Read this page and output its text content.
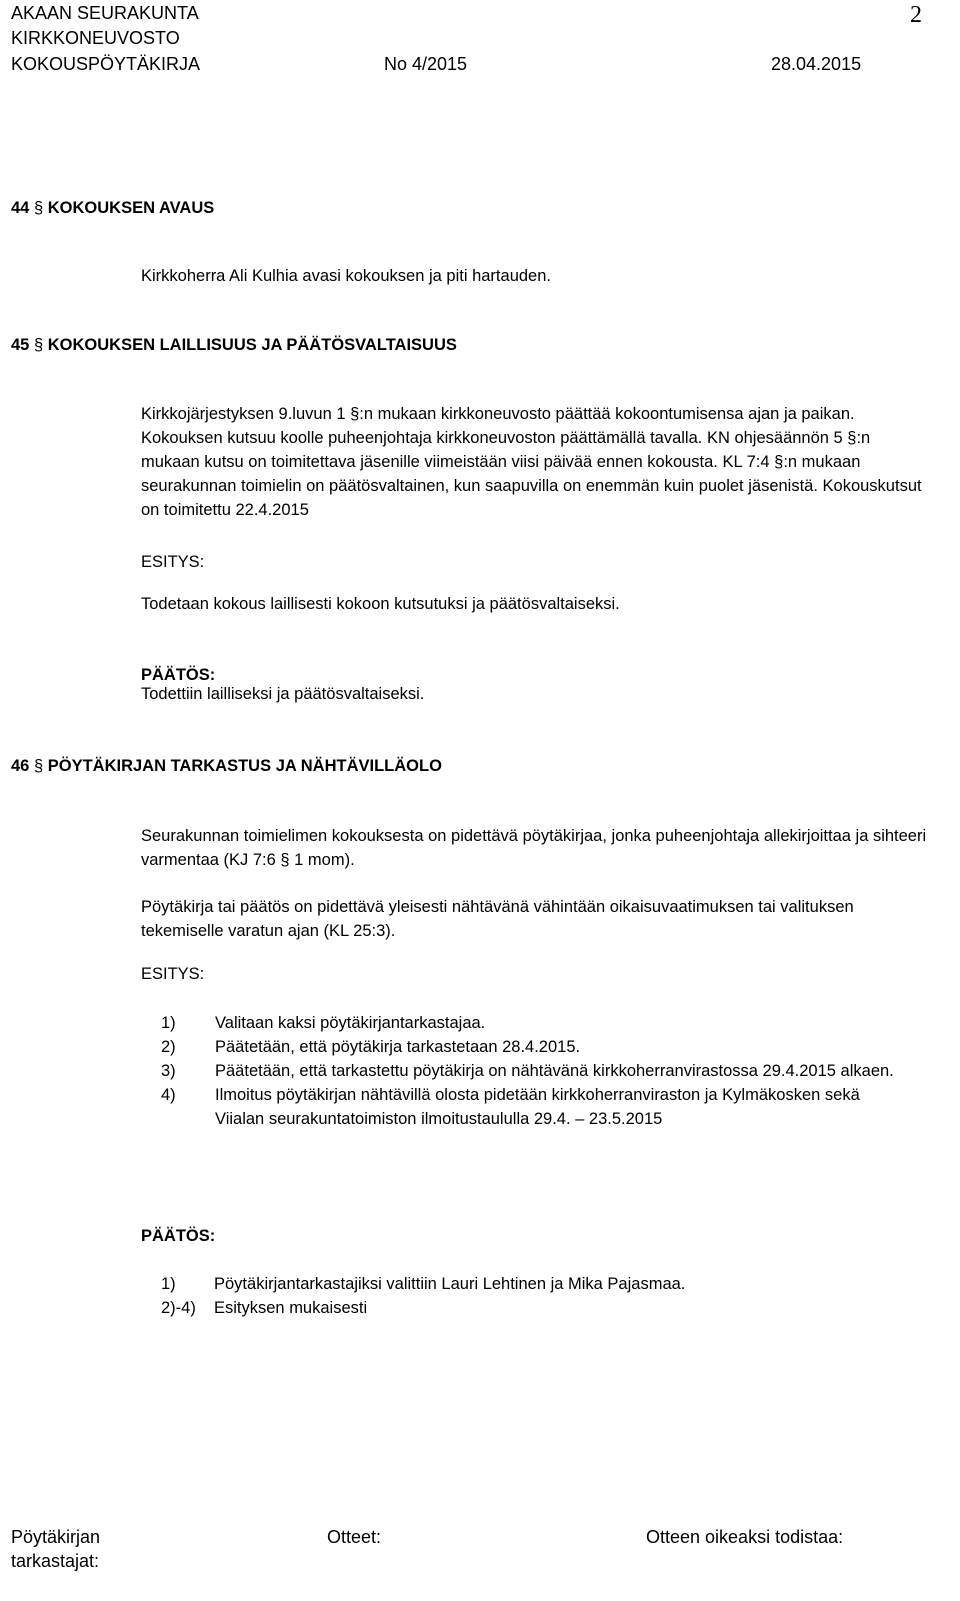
AKAAN SEURAKUNTA
KIRKKONEUVOSTO
KOKOUSPÖYTÄKIRJA	No 4/2015	28.04.2015
2
44 § KOKOUKSEN AVAUS

Kirkkoherra Ali Kulhia avasi kokouksen ja piti hartauden.

45 § KOKOUKSEN LAILLISUUS JA PÄÄTÖSVALTAISUUS

Kirkkojärjestyksen 9.luvun 1 §:n mukaan kirkkoneuvosto päättää kokoontumisensa ajan ja paikan. Kokouksen kutsuu koolle puheenjohtaja kirkkoneuvoston päättämällä tavalla. KN ohjesäännön 5 §:n mukaan kutsu on toimitettava jäsenille viimeistään viisi päivää ennen kokousta. KL 7:4 §:n mukaan seurakunnan toimielin on päätösvaltainen, kun saapuvilla on enemmän kuin puolet jäsenistä. Kokouskutsut on toimitettu 22.4.2015

ESITYS:

Todetaan kokous laillisesti kokoon kutsutuksi ja päätösvaltaiseksi.

PÄÄTÖS:

Todettiin lailliseksi ja päätösvaltaiseksi.

46 § PÖYTÄKIRJAN TARKASTUS JA NÄHTÄVILLÄOLO

Seurakunnan toimielimen kokouksesta on pidettävä pöytäkirjaa, jonka puheenjohtaja allekirjoittaa ja sihteeri varmentaa (KJ 7:6 § 1 mom).

Pöytäkirja tai päätös on pidettävä yleisesti nähtävänä vähintään oikaisuvaatimuksen tai valituksen tekemiselle varatun ajan (KL 25:3).

ESITYS:
1)	Valitaan kaksi pöytäkirjantarkastajaa.
2)	Päätetään, että pöytäkirja tarkastetaan 28.4.2015.
3)	Päätetään, että tarkastettu pöytäkirja on nähtävänä kirkkoherranvirastossa 29.4.2015 alkaen.
4)	Ilmoitus pöytäkirjan nähtävillä olosta pidetään kirkkoherranviraston ja Kylmäkosken sekä Viialan seurakuntatoimiston ilmoitustaululla 29.4. – 23.5.2015
PÄÄTÖS:
1)	Pöytäkirjantarkastajiksi valittiin Lauri Lehtinen ja Mika Pajasmaa.
2)-4)	Esityksen mukaisesti
Pöytäkirjan tarkastajat:
Otteet:	Otteen oikeaksi todistaa:
